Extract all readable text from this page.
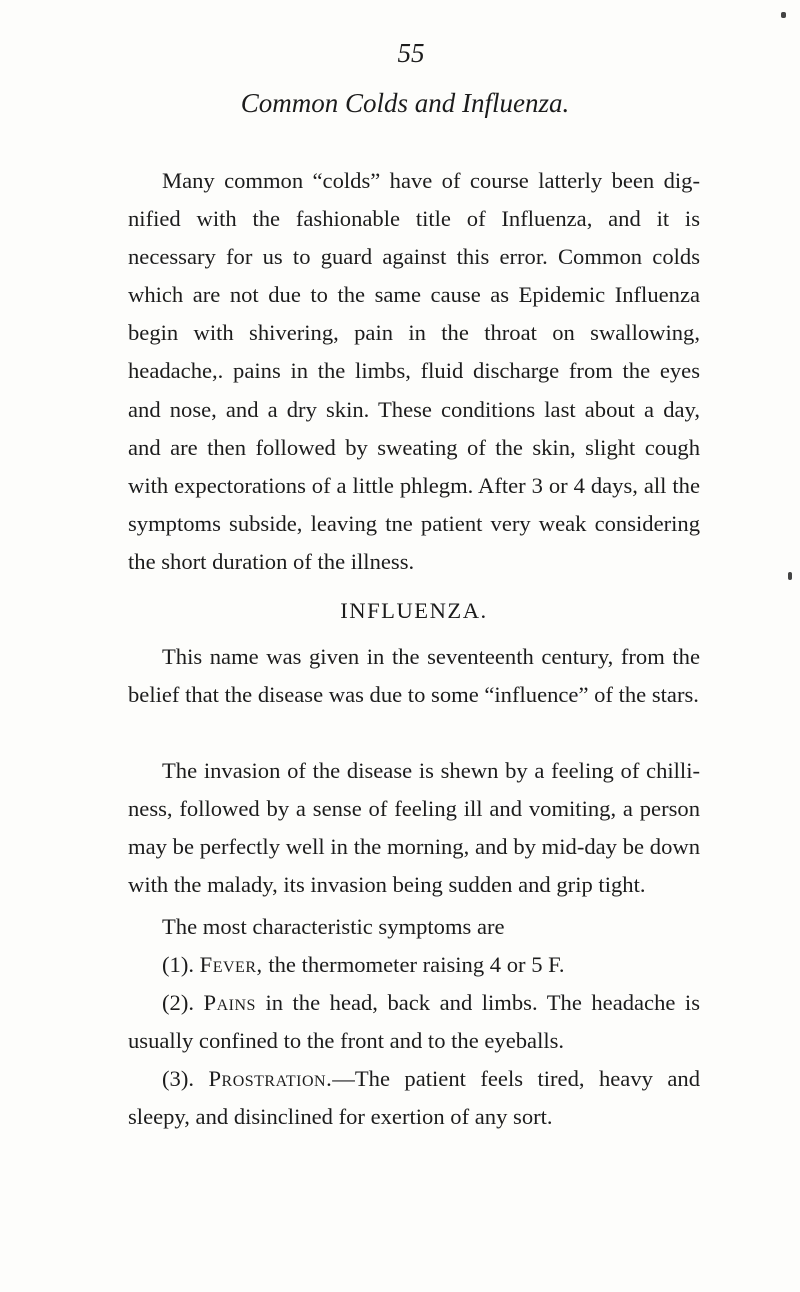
55
Common Colds and Influenza.

Many common “colds” have of course latterly been dig- nified with the fashionable title of Influenza, and it is necessary for us to guard against this error. Common colds which are not due to the same cause as Epidemic Influenza begin with shivering, pain in the throat on swallowing, headache,. pains in the limbs, fluid discharge from the eyes and nose, and a dry skin. These conditions last about a day, and are then followed by sweating of the skin, slight cough with expectorations of a little phlegm. After 3 or 4 days, all the symptoms subside, leaving tne patient very weak considering the short duration of the illness.

INFLUENZA.

This name was given in the seventeenth century, from the belief that the disease was due to some “influence” of the stars.

The invasion of the disease is shewn by a feeling of chilli- ness, followed by a sense of feeling ill and vomiting, a person may be perfectly well in the morning, and by mid-day be down with the malady, its invasion being sudden and grip tight.

The most characteristic symptoms are

(1). Fever, the thermometer raising 4 or 5 F.

(2). Pains in the head, back and limbs. The headache is usually confined to the front and to the eyeballs.

(3). Prostration.—The patient feels tired, heavy and sleepy, and disinclined for exertion of any sort.
